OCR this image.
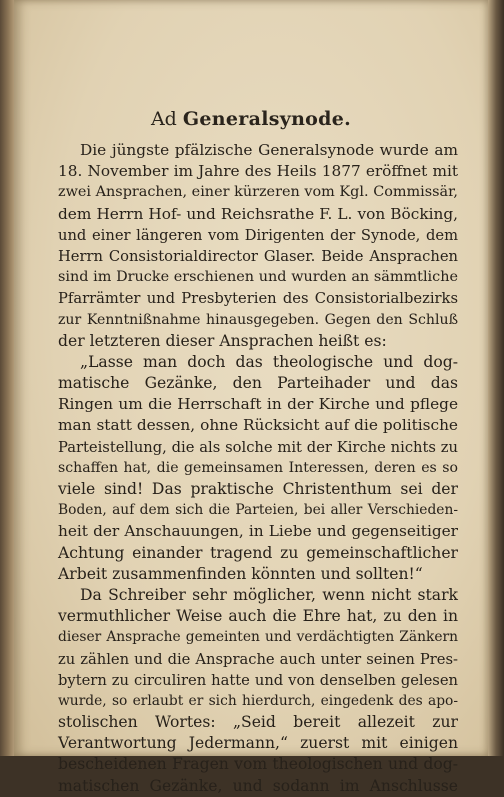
Ad Generalsynode.
Die jüngste pfälzische Generalsynode wurde am
18. November im Jahre des Heils 1877 eröffnet mit
zwei Ansprachen, einer kürzeren vom Kgl. Commissär,
dem Herrn Hof- und Reichsrathe F. L. von Böcking,
und einer längeren vom Dirigenten der Synode, dem
Herrn Consistorialdirector Glaser. Beide Ansprachen
sind im Drucke erschienen und wurden an sämmtliche
Pfarrämter und Presbyterien des Consistorialbezirks
zur Kenntnißnahme hinausgegeben. Gegen den Schluß
der letzteren dieser Ansprachen heißt es:
„Lasse man doch das theologische und dog-
matische Gezänke, den Parteihader und das
Ringen um die Herrschaft in der Kirche und pflege
man statt dessen, ohne Rücksicht auf die politische
Parteistellung, die als solche mit der Kirche nichts zu
schaffen hat, die gemeinsamen Interessen, deren es so
viele sind! Das praktische Christenthum sei der
Boden, auf dem sich die Parteien, bei aller Verschieden-
heit der Anschauungen, in Liebe und gegenseitiger
Achtung einander tragend zu gemeinschaftlicher
Arbeit zusammenfinden könnten und sollten!“
Da Schreiber sehr möglicher, wenn nicht stark
vermuthlicher Weise auch die Ehre hat, zu den in
dieser Ansprache gemeinten und verdächtigten Zänkern
zu zählen und die Ansprache auch unter seinen Pres-
bytern zu circuliren hatte und von denselben gelesen
wurde, so erlaubt er sich hierdurch, eingedenk des apo-
stolischen Wortes: „Seid bereit allezeit zur
Verantwortung Jedermann,“ zuerst mit einigen
bescheidenen Fragen vom theologischen und dog-
matischen Gezänke, und sodann im Anschlusse
